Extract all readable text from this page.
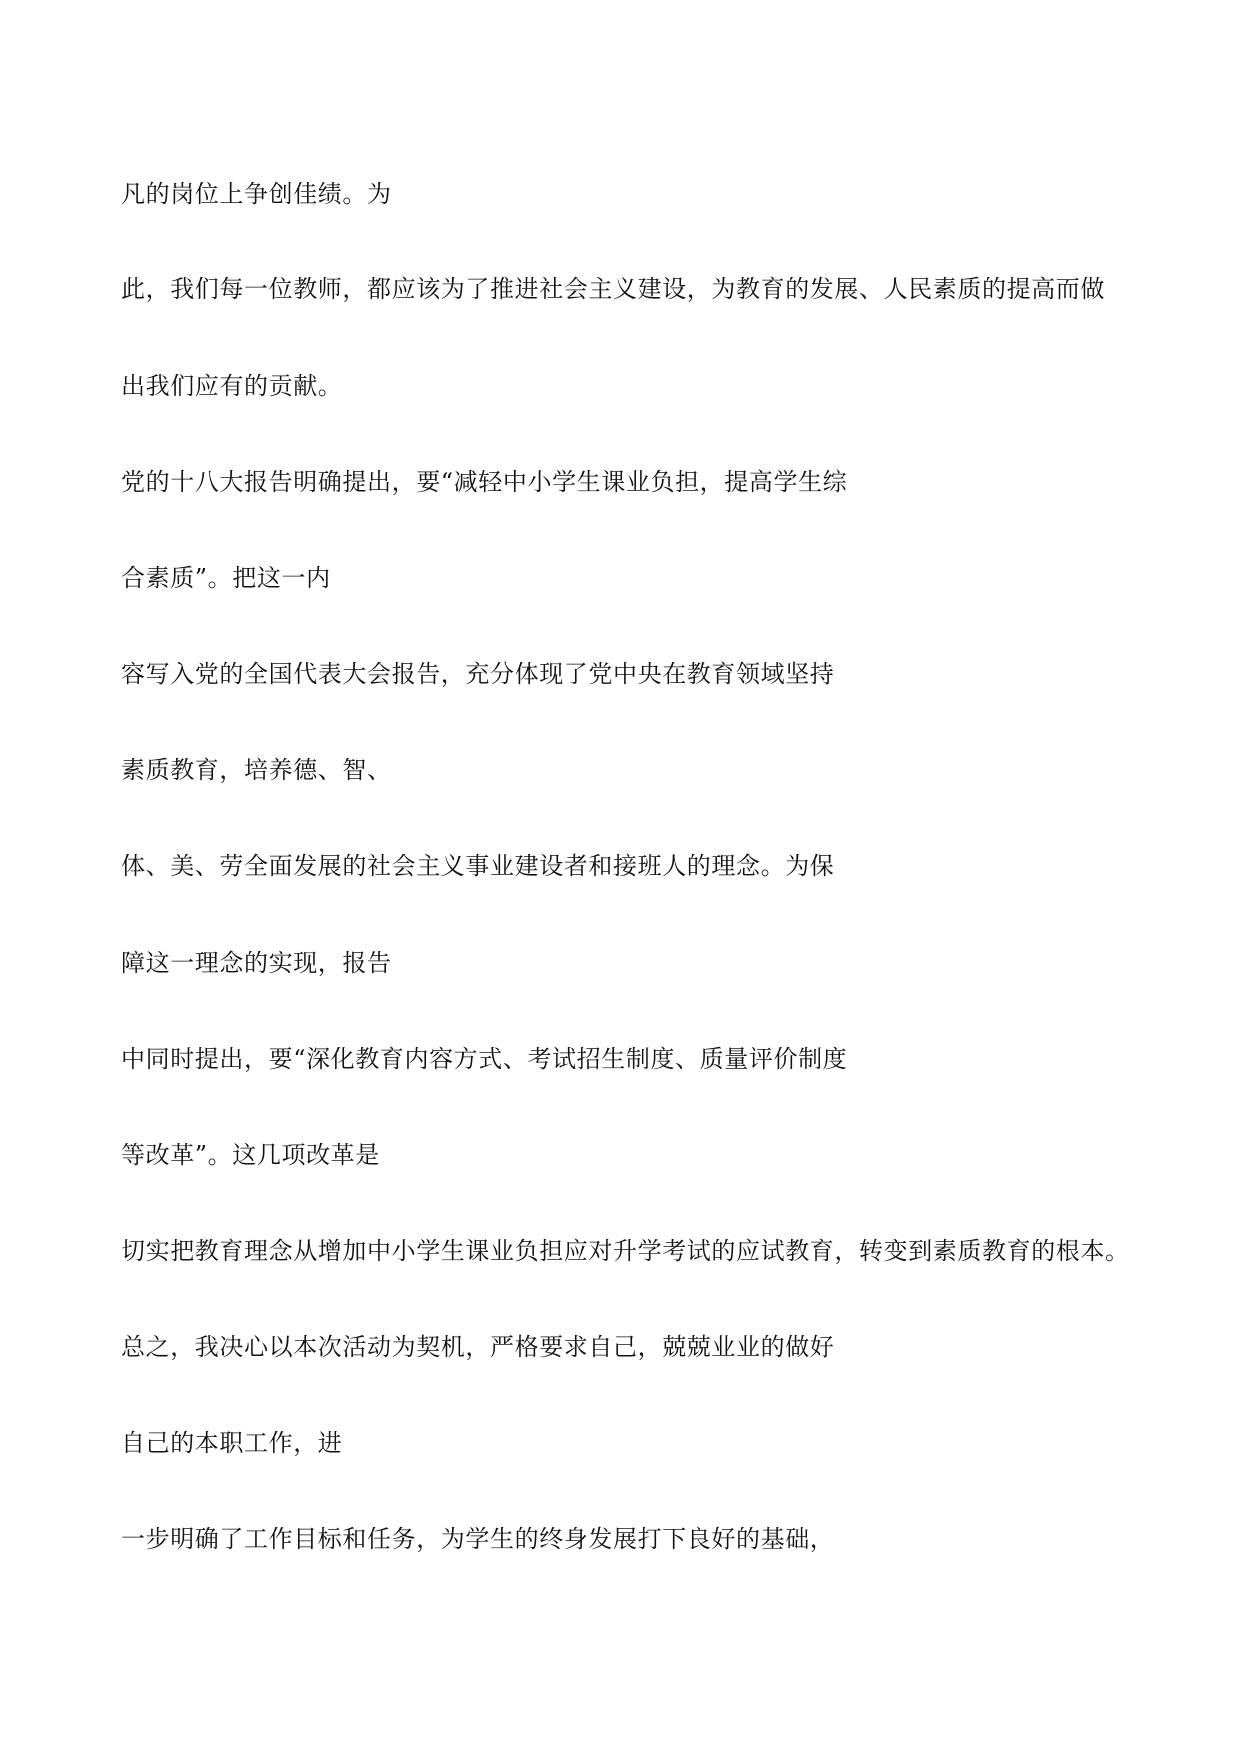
凡的岗位上争创佳绩。为

此，我们每一位教师，都应该为了推进社会主义建设，为教育的发展、人民素质的提高而做

出我们应有的贡献。

党的十八大报告明确提出，要“减轻中小学生课业负担，提高学生综

合素质”。把这一内

容写入党的全国代表大会报告，充分体现了党中央在教育领域坚持

素质教育，培养德、智、

体、美、劳全面发展的社会主义事业建设者和接班人的理念。为保

障这一理念的实现，报告

中同时提出，要“深化教育内容方式、考试招生制度、质量评价制度

等改革”。这几项改革是

切实把教育理念从增加中小学生课业负担应对升学考试的应试教育，转变到素质教育的根本。

总之，我决心以本次活动为契机，严格要求自己，兢兢业业的做好

自己的本职工作，进

一步明确了工作目标和任务，为学生的终身发展打下良好的基础，
